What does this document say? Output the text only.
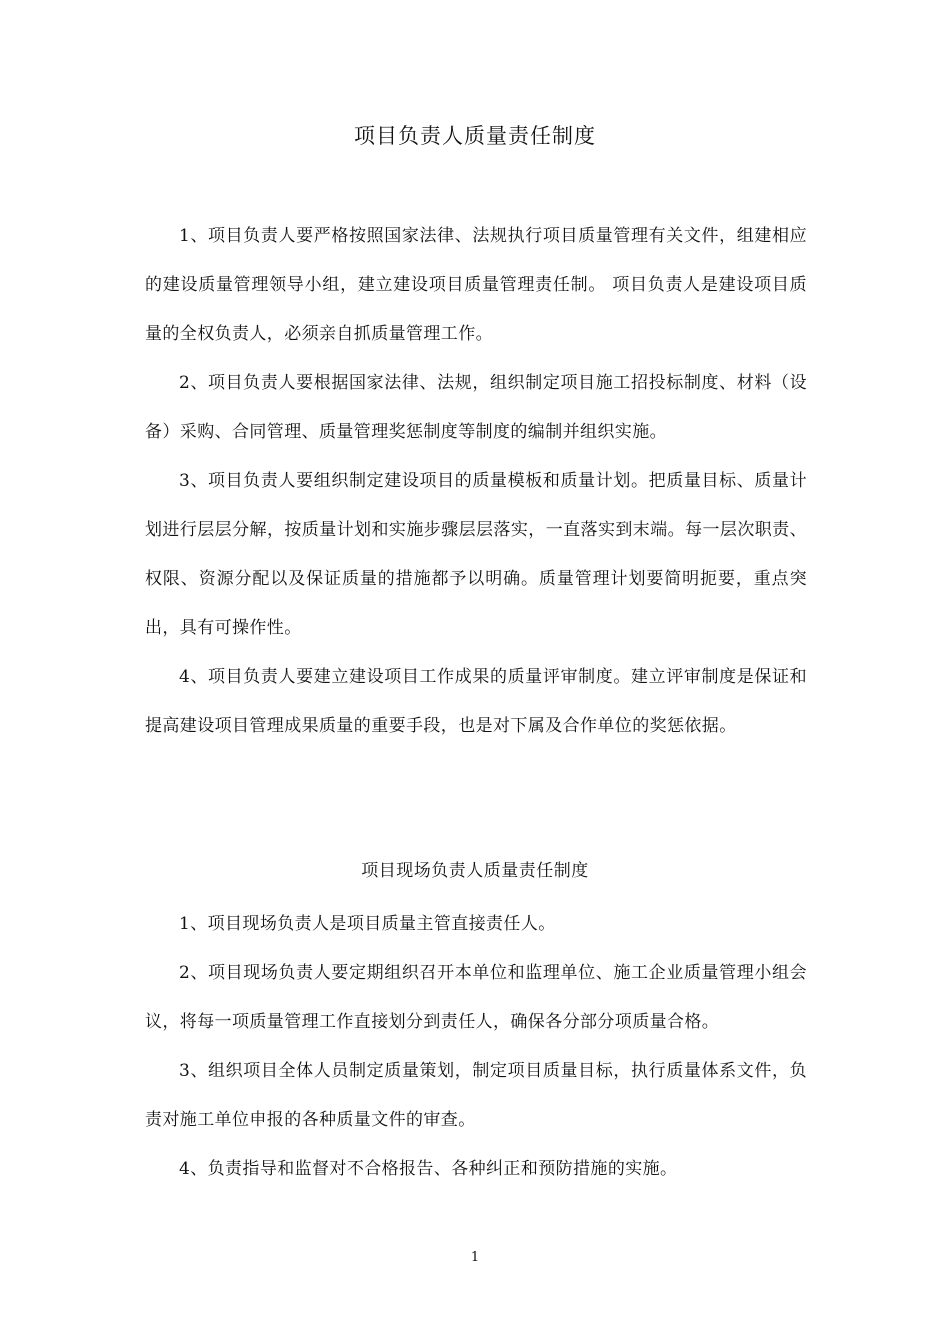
项目负责人质量责任制度

1、项目负责人要严格按照国家法律、法规执行项目质量管理有关文件，组建相应的建设质量管理领导小组，建立建设项目质量管理责任制。 项目负责人是建设项目质量的全权负责人，必须亲自抓质量管理工作。

2、项目负责人要根据国家法律、法规，组织制定项目施工招投标制度、材料（设备）采购、合同管理、质量管理奖惩制度等制度的编制并组织实施。

3、项目负责人要组织制定建设项目的质量模板和质量计划。把质量目标、质量计划进行层层分解，按质量计划和实施步骤层层落实，一直落实到末端。每一层次职责、权限、资源分配以及保证质量的措施都予以明确。质量管理计划要简明扼要，重点突出，具有可操作性。

4、项目负责人要建立建设项目工作成果的质量评审制度。建立评审制度是保证和提高建设项目管理成果质量的重要手段，也是对下属及合作单位的奖惩依据。

项目现场负责人质量责任制度

1、项目现场负责人是项目质量主管直接责任人。

2、项目现场负责人要定期组织召开本单位和监理单位、施工企业质量管理小组会议，将每一项质量管理工作直接划分到责任人，确保各分部分项质量合格。

3、组织项目全体人员制定质量策划，制定项目质量目标，执行质量体系文件，负责对施工单位申报的各种质量文件的审查。

4、负责指导和监督对不合格报告、各种纠正和预防措施的实施。

1
